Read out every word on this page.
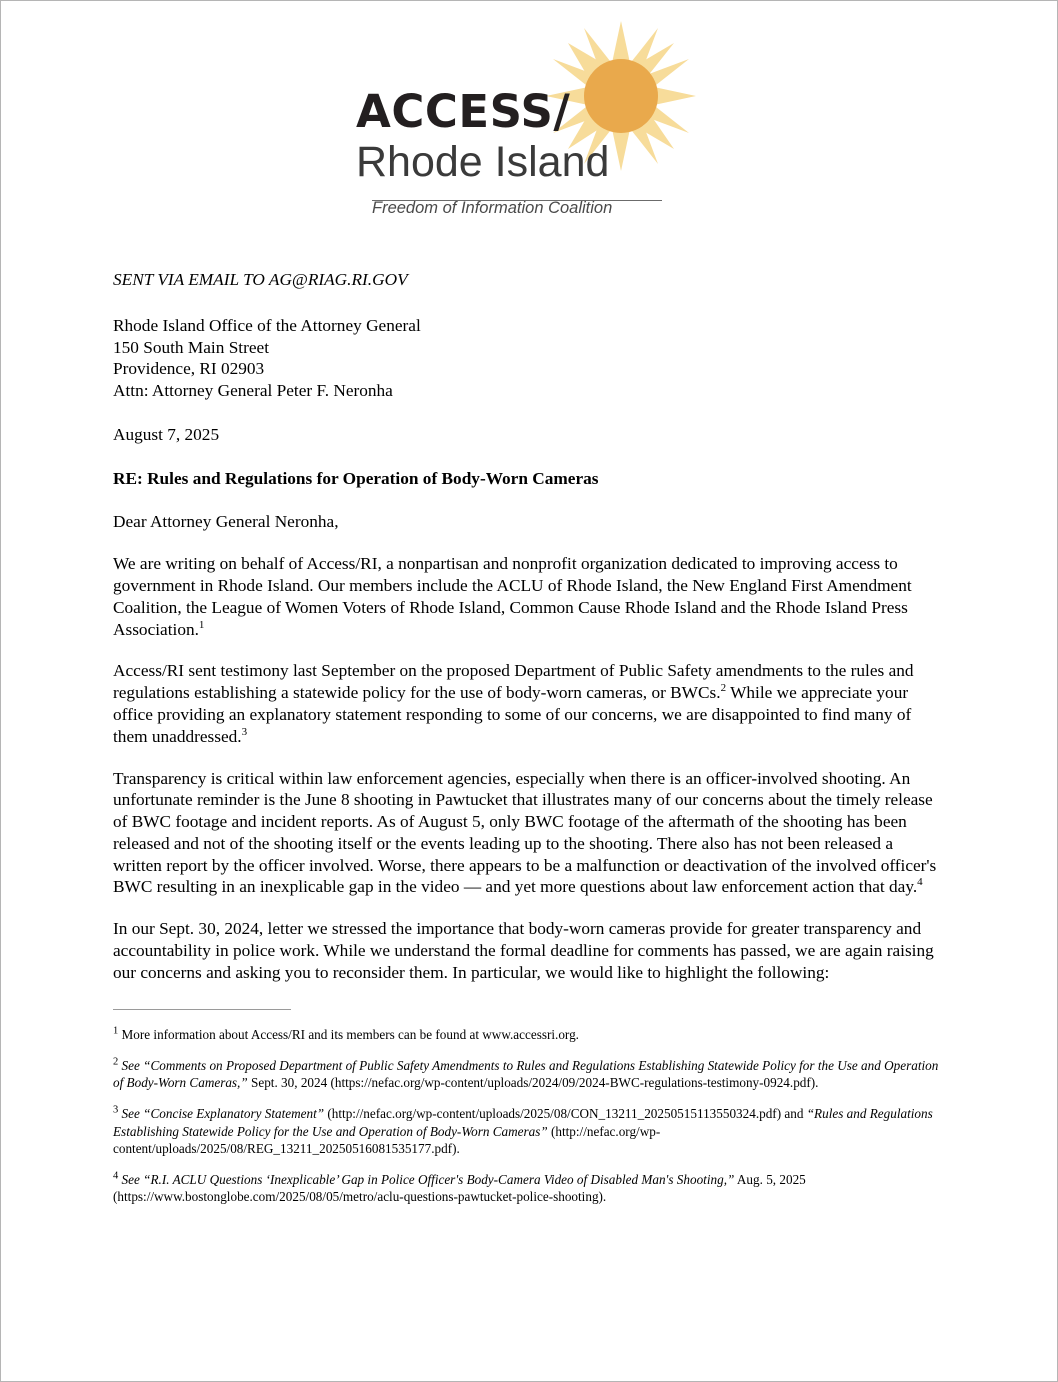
ACCESS/
Rhode Island
Freedom of Information Coalition

SENT VIA EMAIL TO AG@RIAG.RI.GOV

Rhode Island Office of the Attorney General
150 South Main Street
Providence, RI 02903
Attn: Attorney General Peter F. Neronha

August 7, 2025

RE: Rules and Regulations for Operation of Body-Worn Cameras

Dear Attorney General Neronha,

We are writing on behalf of Access/RI, a nonpartisan and nonprofit organization dedicated to improving access to government in Rhode Island. Our members include the ACLU of Rhode Island, the New England First Amendment Coalition, the League of Women Voters of Rhode Island, Common Cause Rhode Island and the Rhode Island Press Association.$^1$

Access/RI sent testimony last September on the proposed Department of Public Safety amendments to the rules and regulations establishing a statewide policy for the use of body-worn cameras, or BWCs.$^2$ While we appreciate your office providing an explanatory statement responding to some of our concerns, we are disappointed to find many of them unaddressed.$^3$

Transparency is critical within law enforcement agencies, especially when there is an officer-involved shooting. An unfortunate reminder is the June 8 shooting in Pawtucket that illustrates many of our concerns about the timely release of BWC footage and incident reports. As of August 5, only BWC footage of the aftermath of the shooting has been released and not of the shooting itself or the events leading up to the shooting. There also has not been released a written report by the officer involved. Worse, there appears to be a malfunction or deactivation of the involved officer's BWC resulting in an inexplicable gap in the video — and yet more questions about law enforcement action that day.$^4$

In our Sept. 30, 2024, letter we stressed the importance that body-worn cameras provide for greater transparency and accountability in police work. While we understand the formal deadline for comments has passed, we are again raising our concerns and asking you to reconsider them. In particular, we would like to highlight the following:

$^1$ More information about Access/RI and its members can be found at www.accessri.org.

$^2$ See “Comments on Proposed Department of Public Safety Amendments to Rules and Regulations Establishing Statewide Policy for the Use and Operation of Body-Worn Cameras,” Sept. 30, 2024 (https://nefac.org/wp-content/uploads/2024/09/2024-BWC-regulations-testimony-0924.pdf).

$^3$ See “Concise Explanatory Statement” (http://nefac.org/wp-content/uploads/2025/08/CON_13211_20250515113550324.pdf) and “Rules and Regulations Establishing Statewide Policy for the Use and Operation of Body-Worn Cameras” (http://nefac.org/wp-content/uploads/2025/08/REG_13211_20250516081535177.pdf).

$^4$ See “R.I. ACLU Questions ‘Inexplicable’ Gap in Police Officer's Body-Camera Video of Disabled Man's Shooting,” Aug. 5, 2025 (https://www.bostonglobe.com/2025/08/05/metro/aclu-questions-pawtucket-police-shooting).
